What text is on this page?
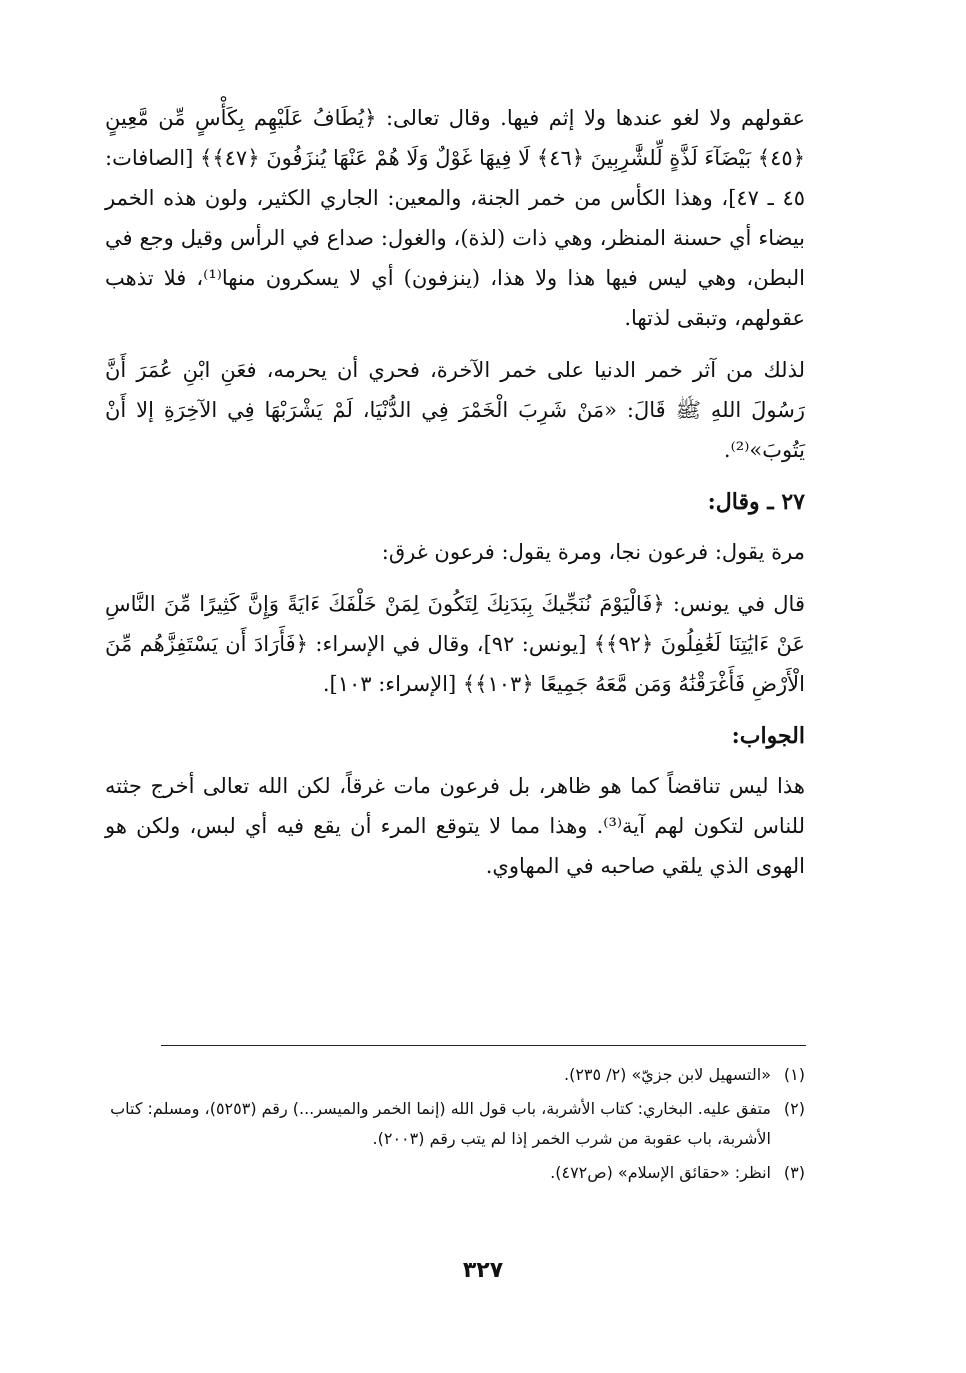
عقولهم ولا لغو عندها ولا إثم فيها. وقال تعالى: ﴿يُطَافُ عَلَيْهِم بِكَأْسٍ مِّن مَّعِينٍ ﴿٤٥﴾ بَيْضَآءَ لَذَّةٍ لِّلشَّٰرِبِينَ ﴿٤٦﴾ لَا فِيهَا غَوْلٌ وَلَا هُمْ عَنْهَا يُنزَفُونَ ﴿٤٧﴾﴾ [الصافات: ٤٥ ـ ٤٧]، وهذا الكأس من خمر الجنة، والمعين: الجاري الكثير، ولون هذه الخمر بيضاء أي حسنة المنظر، وهي ذات (لذة)، والغول: صداع في الرأس وقيل وجع في البطن، وهي ليس فيها هذا ولا هذا، (ينزفون) أي لا يسكرون منها⁽¹⁾، فلا تذهب عقولهم، وتبقى لذتها.

لذلك من آثر خمر الدنيا على خمر الآخرة، فحري أن يحرمه، فعَنِ ابْنِ عُمَرَ أَنَّ رَسُولَ اللهِ ﷺ قَالَ: «مَنْ شَرِبَ الْخَمْرَ فِي الدُّنْيَا، لَمْ يَشْرَبْهَا فِي الآخِرَةِ إلا أَنْ يَتُوبَ»⁽²⁾.

٢٧ ـ وقال:

مرة يقول: فرعون نجا، ومرة يقول: فرعون غرق:

قال في يونس: ﴿فَالْيَوْمَ نُنَجِّيكَ بِبَدَنِكَ لِتَكُونَ لِمَنْ خَلْفَكَ ءَايَةً وَإِنَّ كَثِيرًا مِّنَ النَّاسِ عَنْ ءَايَٰتِنَا لَغَٰفِلُونَ ﴿٩٢﴾﴾ [يونس: ٩٢]، وقال في الإسراء: ﴿فَأَرَادَ أَن يَسْتَفِزَّهُم مِّنَ الْأَرْضِ فَأَغْرَقْنَٰهُ وَمَن مَّعَهُ جَمِيعًا ﴿١٠٣﴾﴾ [الإسراء: ١٠٣].

الجواب:

هذا ليس تناقضاً كما هو ظاهر، بل فرعون مات غرقاً، لكن الله تعالى أخرج جثته للناس لتكون لهم آية⁽³⁾. وهذا مما لا يتوقع المرء أن يقع فيه أي لبس، ولكن هو الهوى الذي يلقي صاحبه في المهاوي.

(١)
«التسهيل لابن جزيّ» (٢/ ٢٣٥).
(٢)
متفق عليه. البخاري: كتاب الأشربة، باب قول الله (إنما الخمر والميسر...) رقم (٥٢٥٣)، ومسلم: كتاب الأشربة، باب عقوبة من شرب الخمر إذا لم يتب رقم (٢٠٠٣).
(٣)
انظر: «حقائق الإسلام» (ص٤٧٢).
٣٢٧
